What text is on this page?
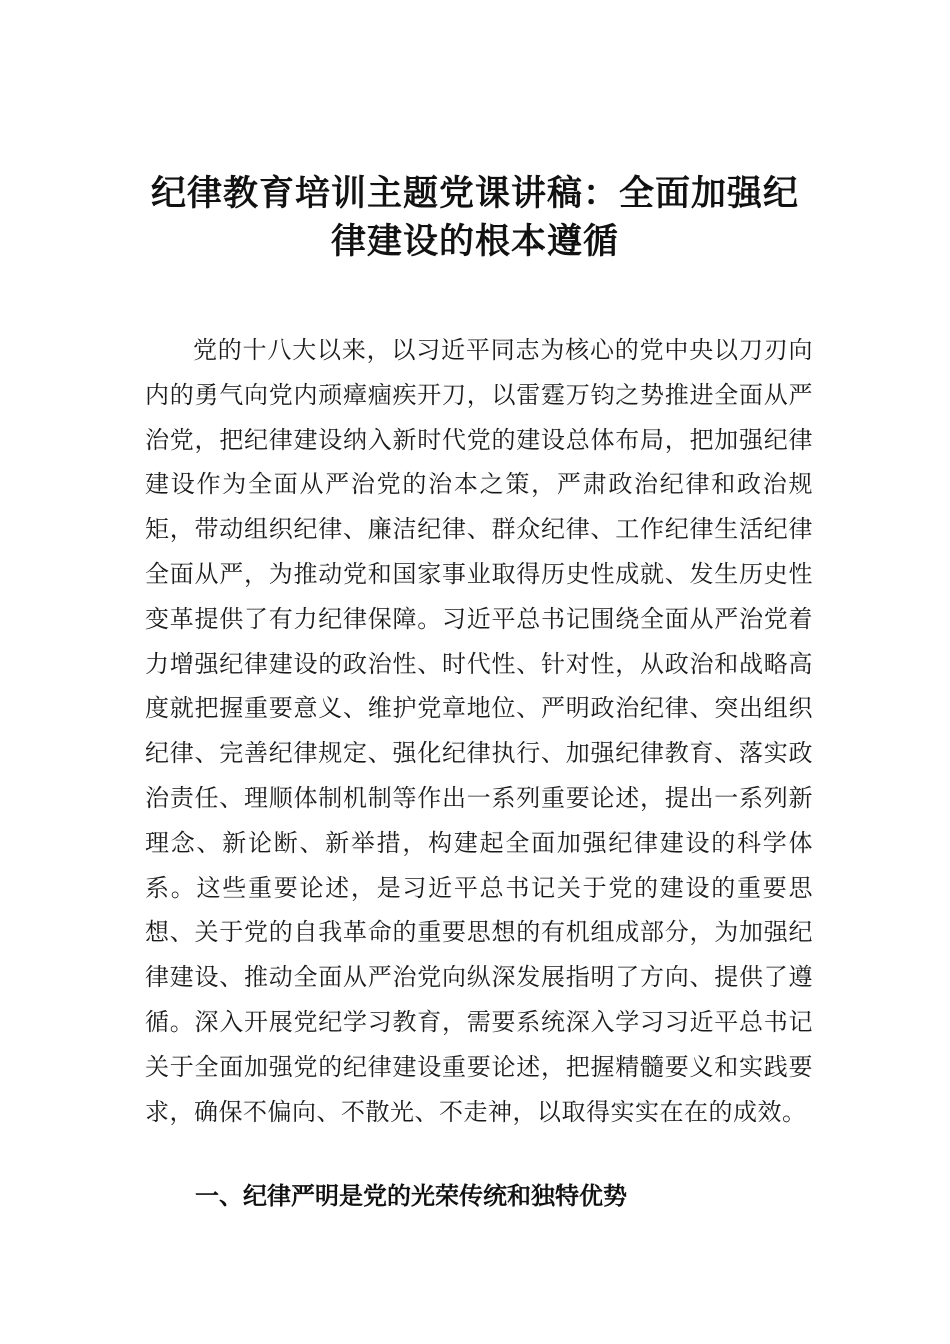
纪律教育培训主题党课讲稿：全面加强纪律建设的根本遵循

党的十八大以来，以习近平同志为核心的党中央以刀刃向内的勇气向党内顽瘴痼疾开刀，以雷霆万钧之势推进全面从严治党，把纪律建设纳入新时代党的建设总体布局，把加强纪律建设作为全面从严治党的治本之策，严肃政治纪律和政治规矩，带动组织纪律、廉洁纪律、群众纪律、工作纪律生活纪律全面从严，为推动党和国家事业取得历史性成就、发生历史性变革提供了有力纪律保障。习近平总书记围绕全面从严治党着力增强纪律建设的政治性、时代性、针对性，从政治和战略高度就把握重要意义、维护党章地位、严明政治纪律、突出组织纪律、完善纪律规定、强化纪律执行、加强纪律教育、落实政治责任、理顺体制机制等作出一系列重要论述，提出一系列新理念、新论断、新举措，构建起全面加强纪律建设的科学体系。这些重要论述，是习近平总书记关于党的建设的重要思想、关于党的自我革命的重要思想的有机组成部分，为加强纪律建设、推动全面从严治党向纵深发展指明了方向、提供了遵循。深入开展党纪学习教育，需要系统深入学习习近平总书记关于全面加强党的纪律建设重要论述，把握精髓要义和实践要求，确保不偏向、不散光、不走神，以取得实实在在的成效。

一、纪律严明是党的光荣传统和独特优势
